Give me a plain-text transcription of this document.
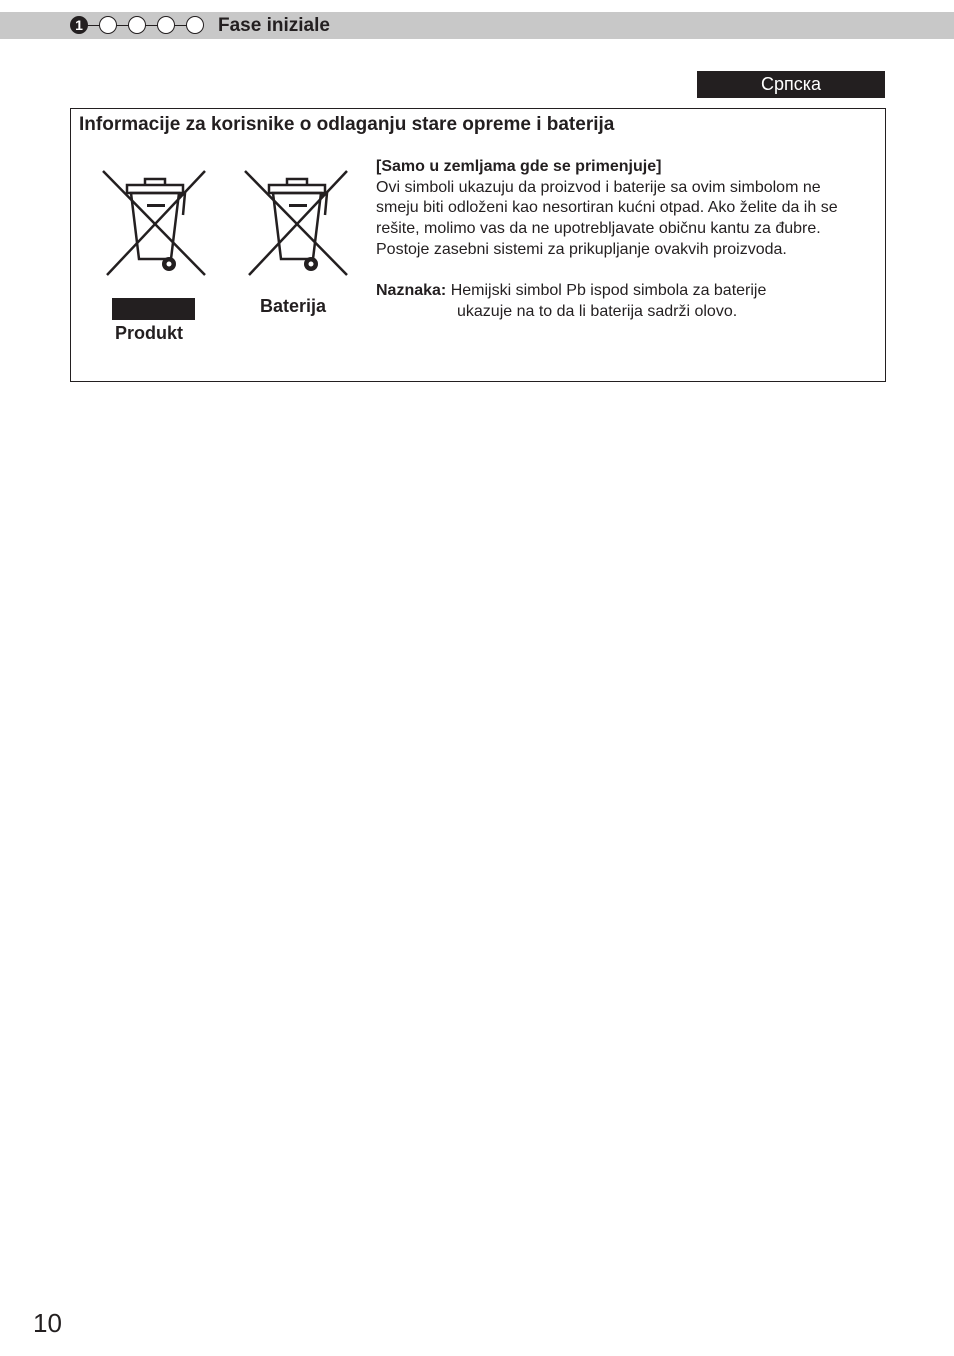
1	Fase iniziale
Српска
Informacije za korisnike o odlaganju stare opreme i baterija
Produkt
Baterija
[Samo u zemljama gde se primenjuje]
Ovi simboli ukazuju da proizvod i baterije sa ovim simbolom ne
smeju biti odloženi kao nesortiran kućni otpad. Ako želite da ih se
rešite, molimo vas da ne upotrebljavate običnu kantu za đubre.
Postoje zasebni sistemi za prikupljanje ovakvih proizvoda.
Naznaka: Hemijski simbol Pb ispod simbola za baterije
ukazuje na to da li baterija sadrži olovo.
10
